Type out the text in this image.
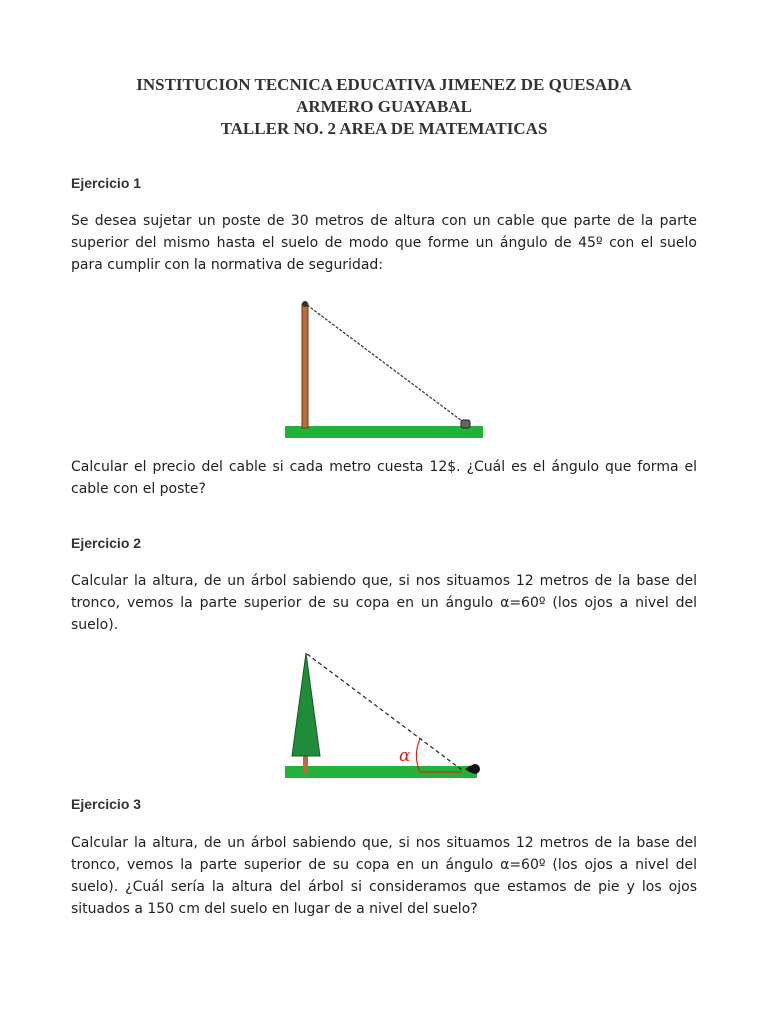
INSTITUCION TECNICA EDUCATIVA JIMENEZ DE QUESADA
ARMERO GUAYABAL
TALLER NO. 2 AREA DE MATEMATICAS
Ejercicio 1
Se desea sujetar un poste de 30 metros de altura con un cable que parte de la parte superior del mismo hasta el suelo de modo que forme un ángulo de 45º con el suelo para cumplir con la normativa de seguridad:
Calcular el precio del cable si cada metro cuesta 12$. ¿Cuál es el ángulo que forma el cable con el poste?
Ejercicio 2
Calcular la altura, de un árbol sabiendo que, si nos situamos 12 metros de la base del tronco, vemos la parte superior de su copa en un ángulo α=60º (los ojos a nivel del suelo).
α
Ejercicio 3
Calcular la altura, de un árbol sabiendo que, si nos situamos 12 metros de la base del tronco, vemos la parte superior de su copa en un ángulo α=60º (los ojos a nivel del suelo). ¿Cuál sería la altura del árbol si consideramos que estamos de pie y los ojos situados a 150 cm del suelo en lugar de a nivel del suelo?
